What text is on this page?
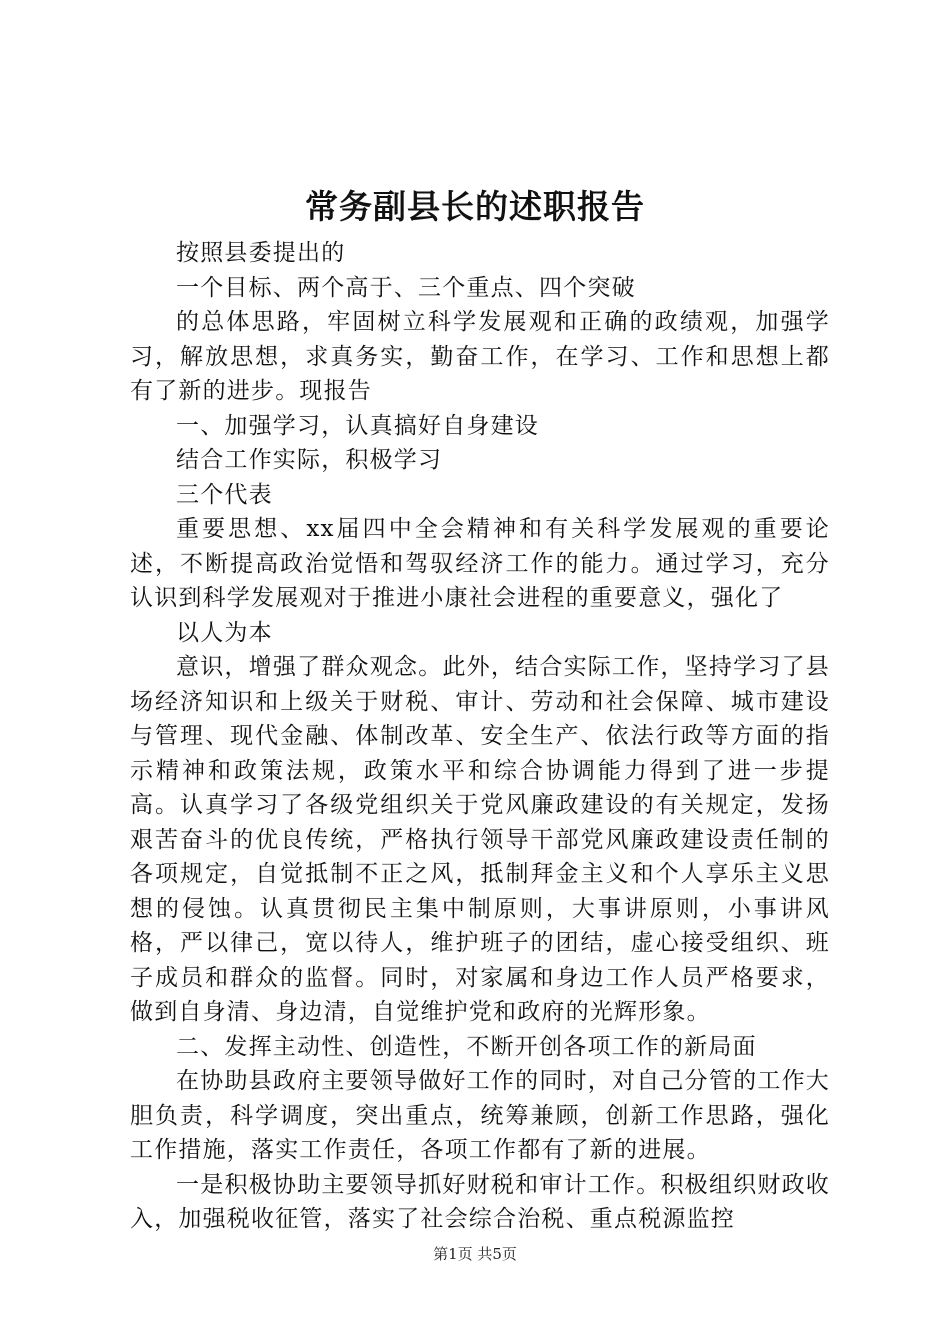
常务副县长的述职报告

按照县委提出的

一个目标、两个高于、三个重点、四个突破

的总体思路，牢固树立科学发展观和正确的政绩观，加强学习，解放思想，求真务实，勤奋工作，在学习、工作和思想上都有了新的进步。现报告

一、加强学习，认真搞好自身建设

结合工作实际，积极学习

三个代表

重要思想、xx届四中全会精神和有关科学发展观的重要论述，不断提高政治觉悟和驾驭经济工作的能力。通过学习，充分认识到科学发展观对于推进小康社会进程的重要意义，强化了

以人为本

意识，增强了群众观念。此外，结合实际工作，坚持学习了县场经济知识和上级关于财税、审计、劳动和社会保障、城市建设与管理、现代金融、体制改革、安全生产、依法行政等方面的指示精神和政策法规，政策水平和综合协调能力得到了进一步提高。认真学习了各级党组织关于党风廉政建设的有关规定，发扬艰苦奋斗的优良传统，严格执行领导干部党风廉政建设责任制的各项规定，自觉抵制不正之风，抵制拜金主义和个人享乐主义思想的侵蚀。认真贯彻民主集中制原则，大事讲原则，小事讲风格，严以律己，宽以待人，维护班子的团结，虚心接受组织、班子成员和群众的监督。同时，对家属和身边工作人员严格要求，做到自身清、身边清，自觉维护党和政府的光辉形象。

二、发挥主动性、创造性，不断开创各项工作的新局面

在协助县政府主要领导做好工作的同时，对自己分管的工作大胆负责，科学调度，突出重点，统筹兼顾，创新工作思路，强化工作措施，落实工作责任，各项工作都有了新的进展。

一是积极协助主要领导抓好财税和审计工作。积极组织财政收入，加强税收征管，落实了社会综合治税、重点税源监控

第1页 共5页
